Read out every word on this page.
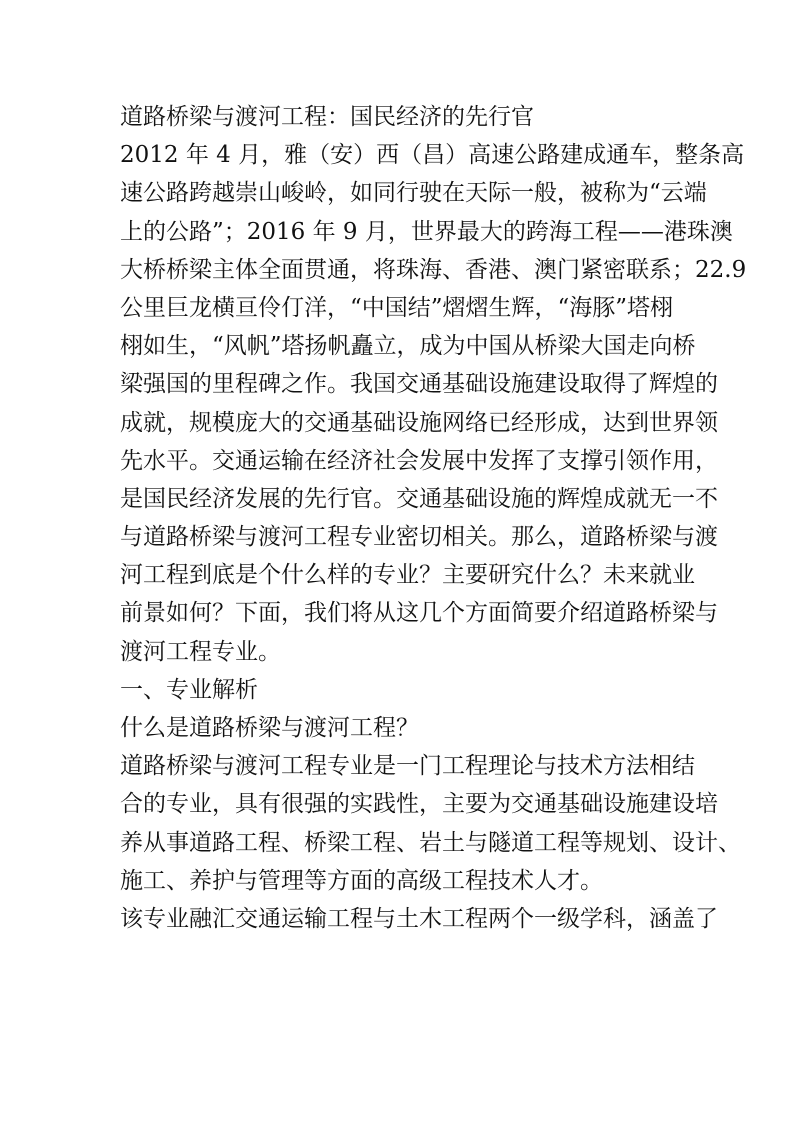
道路桥梁与渡河工程：国民经济的先行官
2012 年 4 月，雅（安）西（昌）高速公路建成通车，整条高
速公路跨越崇山峻岭，如同行驶在天际一般，被称为“云端
上的公路”；2016 年 9 月，世界最大的跨海工程——港珠澳
大桥桥梁主体全面贯通，将珠海、香港、澳门紧密联系；22.9
公里巨龙横亘伶仃洋，“中国结”熠熠生辉，“海豚”塔栩
栩如生，“风帆”塔扬帆矗立，成为中国从桥梁大国走向桥
梁强国的里程碑之作。我国交通基础设施建设取得了辉煌的
成就，规模庞大的交通基础设施网络已经形成，达到世界领
先水平。交通运输在经济社会发展中发挥了支撑引领作用，
是国民经济发展的先行官。交通基础设施的辉煌成就无一不
与道路桥梁与渡河工程专业密切相关。那么，道路桥梁与渡
河工程到底是个什么样的专业？主要研究什么？未来就业
前景如何？下面，我们将从这几个方面简要介绍道路桥梁与
渡河工程专业。
一、专业解析
什么是道路桥梁与渡河工程？
道路桥梁与渡河工程专业是一门工程理论与技术方法相结
合的专业，具有很强的实践性，主要为交通基础设施建设培
养从事道路工程、桥梁工程、岩土与隧道工程等规划、设计、
施工、养护与管理等方面的高级工程技术人才。
该专业融汇交通运输工程与土木工程两个一级学科，涵盖了
